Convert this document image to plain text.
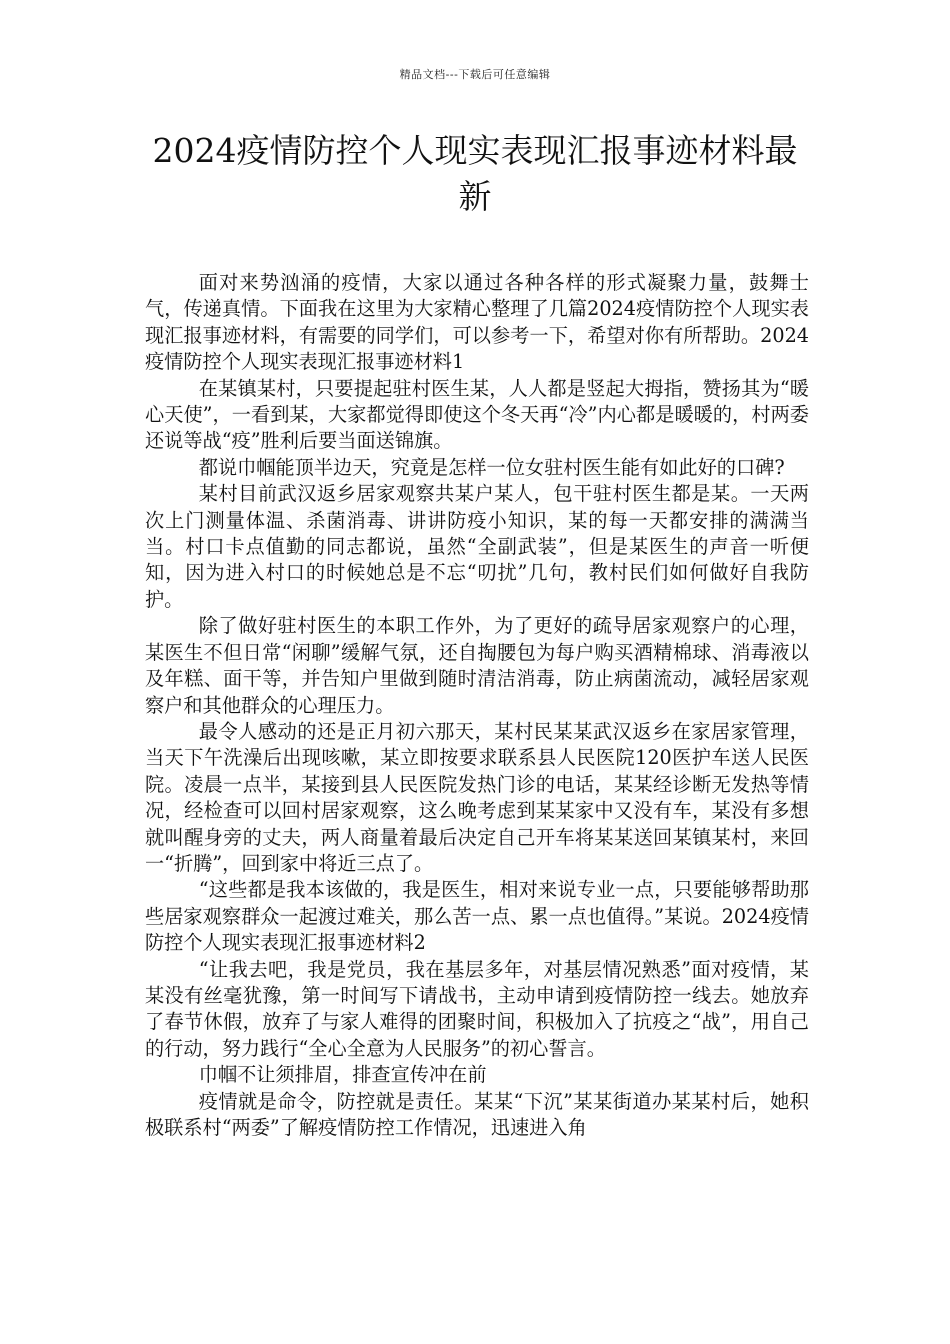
精品文档---下载后可任意编辑
2024疫情防控个人现实表现汇报事迹材料最新

面对来势汹涌的疫情，大家以通过各种各样的形式凝聚力量，鼓舞士气，传递真情。下面我在这里为大家精心整理了几篇2024疫情防控个人现实表现汇报事迹材料，有需要的同学们，可以参考一下，希望对你有所帮助。2024疫情防控个人现实表现汇报事迹材料1

在某镇某村，只要提起驻村医生某，人人都是竖起大拇指，赞扬其为“暖心天使”，一看到某，大家都觉得即使这个冬天再“冷”内心都是暖暖的，村两委还说等战“疫”胜利后要当面送锦旗。

都说巾帼能顶半边天，究竟是怎样一位女驻村医生能有如此好的口碑?

某村目前武汉返乡居家观察共某户某人，包干驻村医生都是某。一天两次上门测量体温、杀菌消毒、讲讲防疫小知识，某的每一天都安排的满满当当。村口卡点值勤的同志都说，虽然“全副武装”，但是某医生的声音一听便知，因为进入村口的时候她总是不忘“叨扰”几句，教村民们如何做好自我防护。

除了做好驻村医生的本职工作外，为了更好的疏导居家观察户的心理，某医生不但日常“闲聊”缓解气氛，还自掏腰包为每户购买酒精棉球、消毒液以及年糕、面干等，并告知户里做到随时清洁消毒，防止病菌流动，减轻居家观察户和其他群众的心理压力。

最令人感动的还是正月初六那天，某村民某某武汉返乡在家居家管理，当天下午洗澡后出现咳嗽，某立即按要求联系县人民医院120医护车送人民医院。凌晨一点半，某接到县人民医院发热门诊的电话，某某经诊断无发热等情况，经检查可以回村居家观察，这么晚考虑到某某家中又没有车，某没有多想就叫醒身旁的丈夫，两人商量着最后决定自己开车将某某送回某镇某村，来回一“折腾”，回到家中将近三点了。

“这些都是我本该做的，我是医生，相对来说专业一点，只要能够帮助那些居家观察群众一起渡过难关，那么苦一点、累一点也值得。”某说。2024疫情防控个人现实表现汇报事迹材料2

“让我去吧，我是党员，我在基层多年，对基层情况熟悉”面对疫情，某某没有丝毫犹豫，第一时间写下请战书，主动申请到疫情防控一线去。她放弃了春节休假，放弃了与家人难得的团聚时间，积极加入了抗疫之“战”，用自己的行动，努力践行“全心全意为人民服务”的初心誓言。

巾帼不让须排眉，排查宣传冲在前

疫情就是命令，防控就是责任。某某“下沉”某某街道办某某村后，她积极联系村“两委”了解疫情防控工作情况，迅速进入角
